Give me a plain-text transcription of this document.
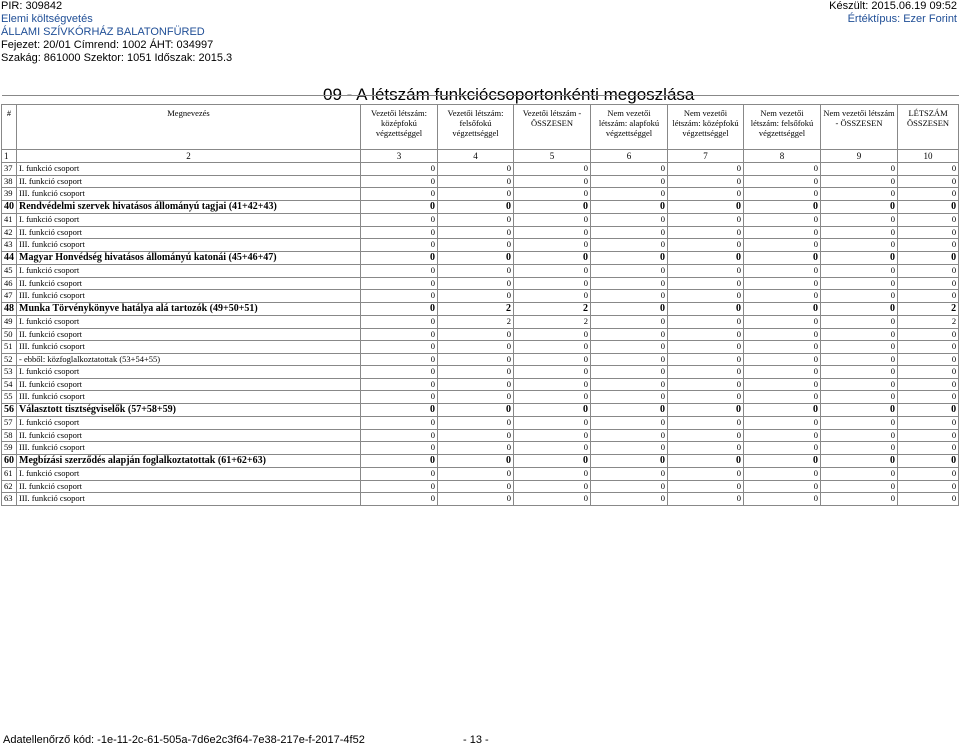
PIR: 309842
Elemi költségvetés
ÁLLAMI SZÍVKÓRHÁZ BALATONFÜRED
Fejezet: 20/01 Címrend: 1002 ÁHT: 034997
Szakág: 861000 Szektor: 1051 Időszak: 2015.3
Készült: 2015.06.19 09:52
Értéktípus: Ezer Forint
09 - A létszám funkciócsoportonkénti megoszlása

#	Megnevezés	Vezetői létszám: középfokú végzettséggel	Vezetői létszám: felsőfokú végzettséggel	Vezetői létszám - ÖSSZESEN	Nem vezetői létszám: alapfokú végzettséggel	Nem vezetői létszám: középfokú végzettséggel	Nem vezetői létszám: felsőfokú végzettséggel	Nem vezetői létszám - ÖSSZESEN	LÉTSZÁM ÖSSZESEN
1	2	3	4	5	6	7	8	9	10
37	I. funkció csoport	0	0	0	0	0	0	0	0
38	II. funkció csoport	0	0	0	0	0	0	0	0
39	III. funkció csoport	0	0	0	0	0	0	0	0
40	Rendvédelmi szervek hivatásos állományú tagjai (41+42+43)	0	0	0	0	0	0	0	0
41	I. funkció csoport	0	0	0	0	0	0	0	0
42	II. funkció csoport	0	0	0	0	0	0	0	0
43	III. funkció csoport	0	0	0	0	0	0	0	0
44	Magyar Honvédség hivatásos állományú katonái (45+46+47)	0	0	0	0	0	0	0	0
45	I. funkció csoport	0	0	0	0	0	0	0	0
46	II. funkció csoport	0	0	0	0	0	0	0	0
47	III. funkció csoport	0	0	0	0	0	0	0	0
48	Munka Törvénykönyve hatálya alá tartozók (49+50+51)	0	2	2	0	0	0	0	2
49	I. funkció csoport	0	2	2	0	0	0	0	2
50	II. funkció csoport	0	0	0	0	0	0	0	0
51	III. funkció csoport	0	0	0	0	0	0	0	0
52	- ebből: közfoglalkoztatottak (53+54+55)	0	0	0	0	0	0	0	0
53	I. funkció csoport	0	0	0	0	0	0	0	0
54	II. funkció csoport	0	0	0	0	0	0	0	0
55	III. funkció csoport	0	0	0	0	0	0	0	0
56	Választott tisztségviselők (57+58+59)	0	0	0	0	0	0	0	0
57	I. funkció csoport	0	0	0	0	0	0	0	0
58	II. funkció csoport	0	0	0	0	0	0	0	0
59	III. funkció csoport	0	0	0	0	0	0	0	0
60	Megbízási szerződés alapján foglalkoztatottak (61+62+63)	0	0	0	0	0	0	0	0
61	I. funkció csoport	0	0	0	0	0	0	0	0
62	II. funkció csoport	0	0	0	0	0	0	0	0
63	III. funkció csoport	0	0	0	0	0	0	0	0
Adatellenőrző kód: -1e-11-2c-61-505a-7d6e2c3f64-7e38-217e-f-2017-4f52	- 13 -
